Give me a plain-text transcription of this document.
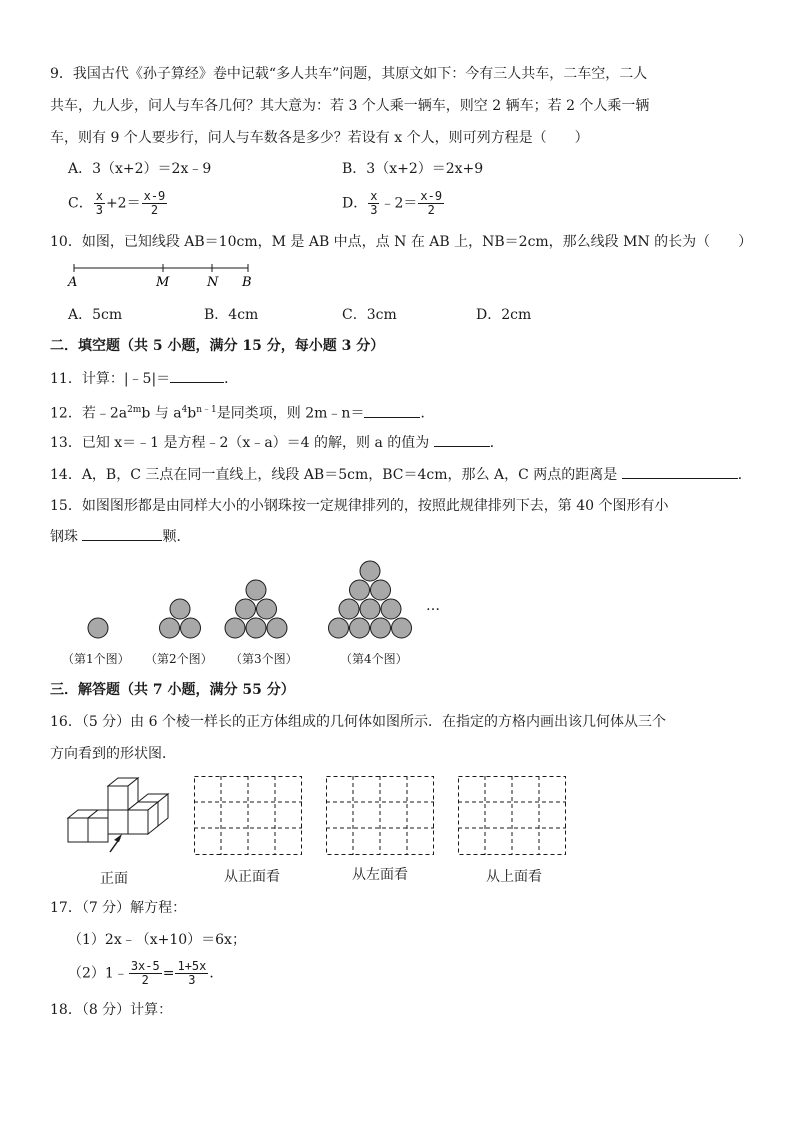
9．我国古代《孙子算经》卷中记载“多人共车”问题，其原文如下：今有三人共车，二车空，二人
共车，九人步，问人与车各几何？其大意为：若 3 个人乘一辆车，则空 2 辆车；若 2 个人乘一辆
车，则有 9 个人要步行，问人与车数各是多少？若设有 x 个人，则可列方程是（　　）
A．3（x+2）＝2x﹣9	B．3（x+2）＝2x+9
C． $\frac{x}{3} +2= \frac{x-9}{2}$	D． $\frac{x}{3}$ ﹣2＝ $\frac{x-9}{2}$
10．如图，已知线段 AB＝10cm，M 是 AB 中点，点 N 在 AB 上，NB＝2cm，那么线段 MN 的长为（　　）
A	M	N B
A．5cm	B．4cm	C．3cm	D．2cm
二．填空题（共 5 小题，满分 15 分，每小题 3 分）
11．计算：|﹣5|＝	．
12．若$﹣2a^{2m}b$ 与 $a^4b^{n﹣1}$是同类项，则 2m﹣n＝	．
13．已知 x＝﹣1 是方程﹣2（x﹣a）＝4 的解，则 a 的值为	．
14．A，B，C 三点在同一直线上，线段 AB＝5cm，BC＝4cm，那么 A，C 两点的距离是	．
15．如图图形都是由同样大小的小钢珠按一定规律排列的，按照此规律排列下去，第 40 个图形有小
钢珠	颗．
（第1个图） （第2个图） （第3个图）	（第4个图）
…
三．解答题（共 7 小题，满分 55 分）
16．（5 分）由 6 个棱一样长的正方体组成的几何体如图所示．在指定的方格内画出该几何体从三个
方向看到的形状图．
正面	从正面看	从左面看	从上面看
17．（7 分）解方程：
（1）2x﹣（x+10）＝6x；
（2）1﹣ $\frac{3x-5}{2} = \frac{1+5x}{3}$ ．
18．（8 分）计算：
